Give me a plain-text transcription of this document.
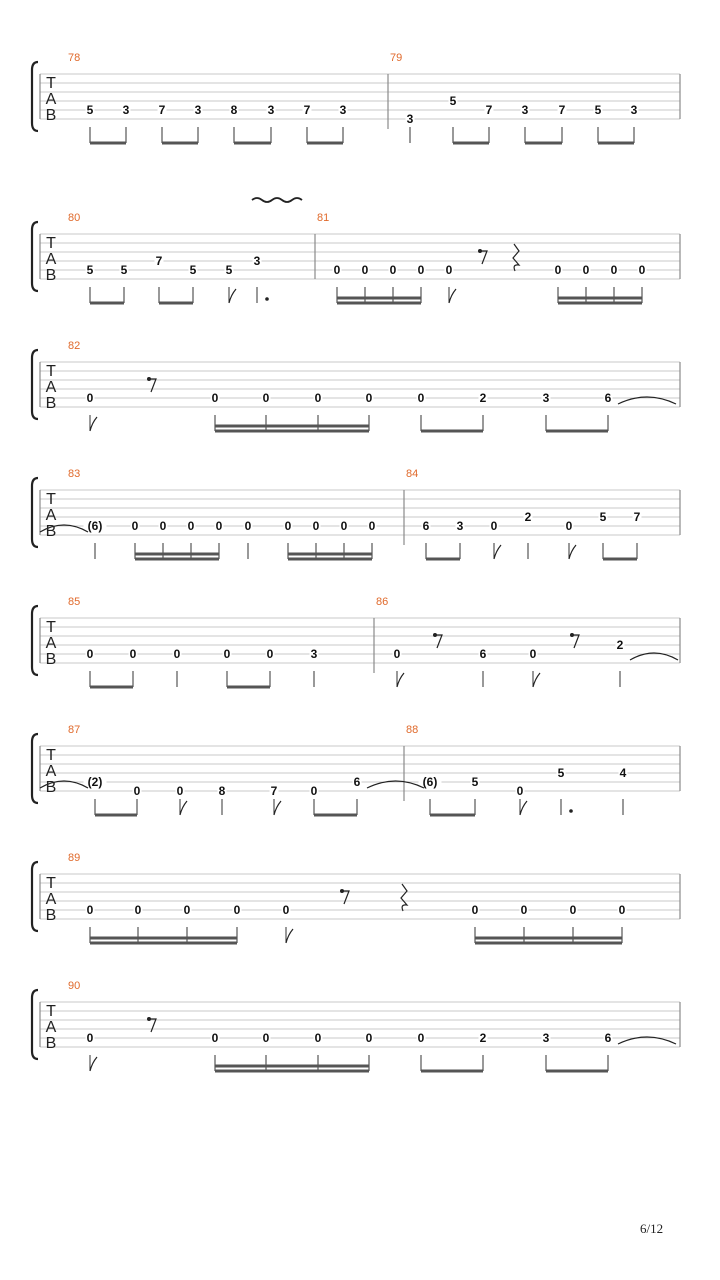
T
A
B
78
5 3 7 3 8	3 7 3
79
3
5
7 3	7 5 3
T
A
B
80
5 5
7
5 5
3
81
0 0 0 0 0	0 0 0 0
T
A
B
82
0	0	0	0	0	0	2	3	6
T
A
B
83
(6) 0 0 0 0 0	0 0 0 0
84
6 3 0
2
0
5 7
T
A
B
85
0	0	0	0	0	3
86
0	6	0
2
T
A
B
87
(2)
0	0	8	7	0
6
88
(6)	5
0
5	4
T
A
B
89
0	0	0	0	0	0	0	0	0
T
A
B
90
0	0	0	0	0	0	2	3	6
6/12
